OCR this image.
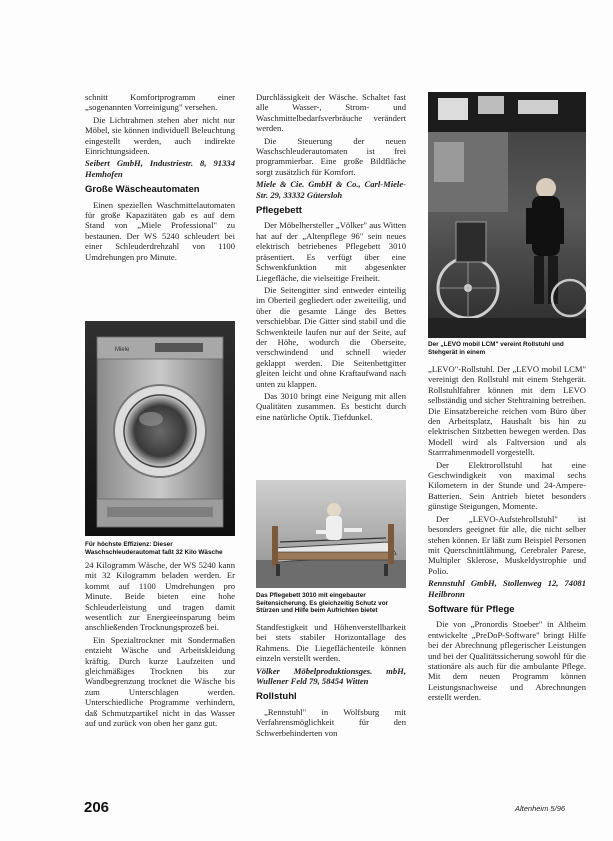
schnitt Komfortprogramm einer „sogenannten Vorreinigung" versehen.

Die Lichtrahmen stehen aber nicht nur Möbel, sie können individuell Beleuchtung eingestellt werden, auch indirekte Einrichtungsideen.

Seibert GmbH, Industriestr. 8, 91334 Hemhofen

Große Wäscheautomaten

Einen speziellen Waschmittelautomaten für große Kapazitäten gab es auf dem Stand von „Miele Professional" zu bestaunen. Der WS 5240 schleudert bei einer Schleuderdrehzahl von 1100 Umdrehungen pro Minute.

Miele
Für höchste Effizienz: Dieser Waschschleuderautomat faßt 32 Kilo Wäsche

24 Kilogramm Wäsche, der WS 5240 kann mit 32 Kilogramm beladen werden. Er kommt auf 1100 Umdrehungen pro Minute. Beide bieten eine hohe Schleuderleistung und tragen damit wesentlich zur Energieeinsparung beim anschließenden Trocknungsprozeß bei.

Ein Spezialtrockner mit Sondermaßen entzieht Wäsche und Arbeitskleidung kräftig. Durch kurze Laufzeiten und gleichmäßiges Trocknen bis zur Wandbegrenzung trocknet die Wäsche bis zum Unterschlagen werden. Unterschiedliche Programme verhindern, daß Schmutzpartikel nicht in das Wasser auf und zurück von oben her ganz gut.

Durchlässigkeit der Wäsche. Schaltet fast alle Wasser-, Strom- und Waschmittelbedarfsverbräuche verändert werden.

Die Steuerung der neuen Waschschleuderautomaten ist frei programmierbar. Eine große Bildfläche sorgt zusätzlich für Komfort.

Miele & Cie. GmbH & Co., Carl-Miele-Str. 29, 33332 Gütersloh

Pflegebett

Der Möbelhersteller „Völker" aus Witten hat auf der „Altenpflege 96" sein neues elektrisch betriebenes Pflegebett 3010 präsentiert. Es verfügt über eine Schwenkfunktion mit abgesenkter Liegefläche, die vielseitige Freiheit.

Die Seitengitter sind entweder einteilig im Oberteil gegliedert oder zweiteilig, und über die gesamte Länge des Bettes verschiebbar. Die Gitter sind stabil und die Schwenkteile laufen nur auf der Seite, auf der Höhe, wodurch die Oberseite, verschwindend und schnell wieder geklappt werden. Die Seitenbettgitter gleiten leicht und ohne Kraftaufwand nach unten zu klappen.

Das 3010 bringt eine Neigung mit allen Qualitäten zusammen. Es besticht durch eine natürliche Optik. Tiefdunkel.

Das Pflegebett 3010 mit eingebauter Seitensicherung. Es gleichzeitig Schutz vor Stürzen und Hilfe beim Aufrichten bietet

Standfestigkeit und Höhenverstellbarkeit bei stets stabiler Horizontallage des Rahmens. Die Liegeflächenteile können einzeln verstellt werden.

Völker Möbelproduktionsges. mbH, Wullener Feld 79, 58454 Witten

Rollstuhl

„Rennstuhl" in Wolfsburg mit Verfahrensmöglichkeit für den Schwerbehinderten von

Der „LEVO mobil LCM" vereint Rollstuhl und Stehgerät in einem

„LEVO"-Rollstuhl. Der „LEVO mobil LCM" vereinigt den Rollstuhl mit einem Stehgerät. Rollstuhlfahrer können mit dem LEVO selbständig und sicher Stehtraining betreiben. Die Einsatzbereiche reichen vom Büro über den Arbeitsplatz, Haushalt bis hin zu elektrischen Sitzbetten bewegen werden. Das Modell wird als Faltversion und als Starrrahmenmodell vorgestellt.

Der Elektrorollstuhl hat eine Geschwindigkeit von maximal sechs Kilometern in der Stunde und 24-Ampere-Batterien. Sein Antrieb bietet besonders günstige Steigungen, Momente.

Der „LEVO-Aufstehrollstuhl" ist besonders geeignet für alle, die nicht selber stehen können. Er läßt zum Beispiel Personen mit Querschnittlähmung, Cerebraler Parese, Multipler Sklerose, Muskeldystrophie und Polio.

Rennstuhl GmbH, Stollenweg 12, 74081 Heilbronn

Software für Pflege

Die von „Pronordis Stoeber" in Altheim entwickelte „PreDoP-Software" bringt Hilfe bei der Abrechnung pflegerischer Leistungen und bei der Qualitätssicherung sowohl für die stationäre als auch für die ambulante Pflege. Mit dem neuen Programm können Leistungsnachweise und Abrechnungen erstellt werden.

206	Altenheim 5/96
